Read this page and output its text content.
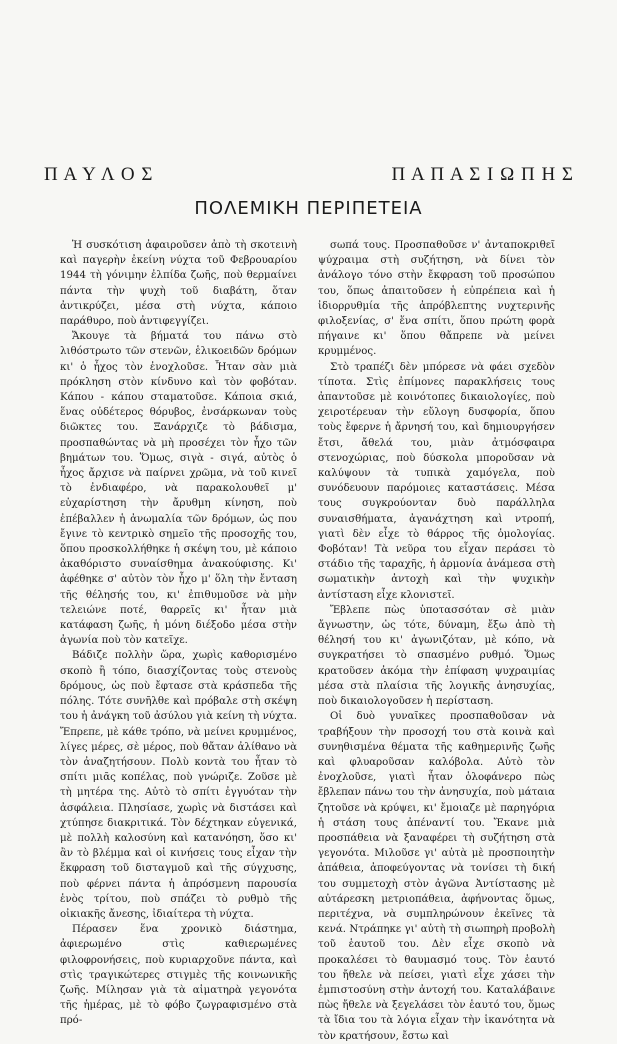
Π Α Υ Λ Ο Σ	Π Α Π Α Σ Ι Ω Π Η Σ
ΠΟΛΕΜΙΚΗ ΠΕΡΙΠΕΤΕΙΑ

Ἡ συσκότιση ἀφαιροῦσεν ἀπὸ τὴ σκοτεινὴ καὶ παγερὴν ἐκείνη νύχτα τοῦ Φεβρουαρίου 1944 τὴ γόνιμην ἐλπίδα ζωῆς, ποὺ θερμαίνει πάντα τὴν ψυχὴ τοῦ διαβάτη, ὅταν ἀντικρύζει, μέσα στὴ νύχτα, κάποιο παράθυρο, ποὺ ἀντιφεγγίζει.

Ἄκουγε τὰ βήματά του πάνω στὸ λιθόστρωτο τῶν στενῶν, ἑλικοειδῶν δρόμων κι' ὁ ἦχος τὸν ἐνοχλοῦσε. Ἦταν σὰν μιὰ πρόκληση στὸν κίνδυνο καὶ τὸν φοβόταν. Κάπου - κάπου σταματοῦσε. Κάποια σκιά, ἕνας οὐδέτερος θόρυβος, ἐνσάρκωναν τοὺς διῶκτες του. Ξανάρχιζε τὸ βάδισμα, προσπαθώντας νὰ μὴ προσέχει τὸν ἦχο τῶν βημάτων του. Ὅμως, σιγὰ - σιγά, αὐτὸς ὁ ἦχος ἄρχισε νὰ παίρνει χρῶμα, νὰ τοῦ κινεῖ τὸ ἐνδιαφέρο, νὰ παρακολουθεῖ μ' εὐχαρίστηση τὴν ἄρυθμη κίνηση, ποὺ ἐπέβαλλεν ἡ ἀνωμαλία τῶν δρόμων, ὡς που ἔγινε τὸ κεντρικὸ σημεῖο τῆς προσοχῆς του, ὅπου προσκολλήθηκε ἡ σκέψη του, μὲ κάποιο ἀκαθόριστο συναίσθημα ἀνακούφισης. Κι' ἀφέθηκε σ' αὐτὸν τὸν ἦχο μ' ὅλη τὴν ἔνταση τῆς θέλησής του, κι' ἐπιθυμοῦσε νὰ μὴν τελειώνε ποτέ, θαρρεῖς κι' ἦταν μιὰ κατάφαση ζωῆς, ἡ μόνη διέξοδο μέσα στὴν ἀγωνία ποὺ τὸν κατεῖχε.

Βάδιζε πολλὴν ὥρα, χωρὶς καθορισμένο σκοπὸ ἢ τόπο, διασχίζοντας τοὺς στενοὺς δρόμους, ὡς ποὺ ἔφτασε στὰ κράσπεδα τῆς πόλης. Τότε συνῆλθε καὶ πρόβαλε στὴ σκέψη του ἡ ἀνάγκη τοῦ ἀσύλου γιὰ κείνη τὴ νύχτα. Ἔπρεπε, μὲ κάθε τρόπο, νὰ μείνει κρυμμένος, λίγες μέρες, σὲ μέρος, ποὺ θἄταν ἀλίθανο νὰ τὸν ἀναζητήσουν. Πολὺ κοντὰ του ἦταν τὸ σπίτι μιᾶς κοπέλας, ποὺ γνώριζε. Ζοῦσε μὲ τὴ μητέρα της. Αὐτὸ τὸ σπίτι ἐγγυόταν τὴν ἀσφάλεια. Πλησίασε, χωρὶς νὰ διστάσει καὶ χτύπησε διακριτικά. Τὸν δέχτηκαν εὐγενικά, μὲ πολλὴ καλοσύνη καὶ κατανόηση, ὅσο κι' ἂν τὸ βλέμμα καὶ οἱ κινήσεις τους εἶχαν τὴν ἔκφραση τοῦ δισταγμοῦ καὶ τῆς σύγχυσης, ποὺ φέρνει πάντα ἡ ἀπρόσμενη παρουσία ἑνὸς τρίτου, ποὺ σπάζει τὸ ρυθμὸ τῆς οἰκιακῆς ἄνεσης, ἰδιαίτερα τὴ νύχτα.

Πέρασεν ἕνα χρονικὸ διάστημα, ἀφιερωμένο στὶς καθιερωμένες φιλοφρονήσεις, ποὺ κυριαρχοῦνε πάντα, καὶ στὶς τραγικώτερες στιγμὲς τῆς κοινωνικῆς ζωῆς. Μίλησαν γιὰ τὰ αἱματηρὰ γεγονότα τῆς ἡμέρας, μὲ τὸ φόβο ζωγραφισμένο στὰ πρό-

σωπά τους. Προσπαθοῦσε ν' ἀνταποκριθεῖ ψύχραιμα στὴ συζήτηση, νὰ δίνει τὸν ἀνάλογο τόνο στὴν ἔκφραση τοῦ προσώπου του, ὅπως ἀπαιτοῦσεν ἡ εὐπρέπεια καὶ ἡ ἰδιορρυθμία τῆς ἀπρόβλεπτης νυχτερινῆς φιλοξενίας, σ' ἕνα σπίτι, ὅπου πρώτη φορὰ πήγαινε κι' ὅπου θἄπρεπε νὰ μείνει κρυμμένος.

Στὸ τραπέζι δὲν μπόρεσε νὰ φάει σχεδὸν τίποτα. Στὶς ἐπίμονες παρακλήσεις τους ἀπαντοῦσε μὲ κοινότοπες δικαιολογίες, ποὺ χειροτέρευαν τὴν εὔλογη δυσφορία, ὅπου τοὺς ἔφερνε ἡ ἄρνησή του, καὶ δημιουργήσεν ἔτσι, ἄθελά του, μιὰν ἀτμόσφαιρα στενοχώριας, ποὺ δύσκολα μποροῦσαν νὰ καλύψουν τὰ τυπικὰ χαμόγελα, ποὺ συνόδευουν παρόμοιες καταστάσεις. Μέσα τους συγκρούονταν δυὸ παράλληλα συναισθήματα, ἀγανάχτηση καὶ ντροπή, γιατὶ δὲν εἶχε τὸ θάρρος τῆς ὁμολογίας. Φοβόταν! Τὰ νεῦρα του εἶχαν περάσει τὸ στάδιο τῆς ταραχῆς, ἡ ἁρμονία ἀνάμεσα στὴ σωματικὴν ἀντοχὴ καὶ τὴν ψυχικὴν ἀντίσταση εἶχε κλονιστεῖ.

Ἔβλεπε πὼς ὑποτασσόταν σὲ μιὰν ἄγνωστην, ὡς τότε, δύναμη, ἔξω ἀπὸ τὴ θέλησή του κι' ἀγωνιζόταν, μὲ κόπο, νὰ συγκρατήσει τὸ σπασμένο ρυθμό. Ὅμως κρατοῦσεν ἀκόμα τὴν ἐπίφαση ψυχραιμίας μέσα στὰ πλαίσια τῆς λογικῆς ἀνησυχίας, ποὺ δικαιολογοῦσεν ἡ περίσταση.

Οἱ δυὸ γυναῖκες προσπαθοῦσαν νὰ τραβήξουν τὴν προσοχή του στὰ κοινὰ καὶ συνηθισμένα θέματα τῆς καθημερινῆς ζωῆς καὶ φλυαροῦσαν καλόβολα. Αὐτὸ τὸν ἐνοχλοῦσε, γιατὶ ἦταν ὁλοφάνερο πὼς ἔβλεπαν πάνω του τὴν ἀνησυχία, ποὺ μάταια ζητοῦσε νὰ κρύψει, κι' ἔμοιαζε μὲ παρηγόρια ἡ στάση τους ἀπέναντί του. Ἔκανε μιὰ προσπάθεια νὰ ξαναφέρει τὴ συζήτηση στὰ γεγονότα. Μιλοῦσε γι' αὐτὰ μὲ προσποιητὴν ἀπάθεια, ἀποφεύγοντας νὰ τονίσει τὴ δική του συμμετοχὴ στὸν ἀγῶνα Ἀντίστασης μὲ αὐτάρεσκη μετριοπάθεια, ἀφήνοντας ὅμως, περιτέχνα, νὰ συμπληρώνουν ἐκεῖνες τὰ κενά. Ντράπηκε γι' αὐτὴ τὴ σιωπηρὴ προβολὴ τοῦ ἑαυτοῦ του. Δὲν εἶχε σκοπὸ νὰ προκαλέσει τὸ θαυμασμό τους. Τὸν ἑαυτό του ἤθελε νὰ πείσει, γιατὶ εἶχε χάσει τὴν ἐμπιστοσύνη στὴν ἀντοχή του. Καταλάβαινε πὼς ἤθελε νὰ ξεγελάσει τὸν ἑαυτό του, ὅμως τὰ ἴδια του τὰ λόγια εἶχαν τὴν ἱκανότητα νὰ τὸν κρατήσουν, ἔστω καὶ
